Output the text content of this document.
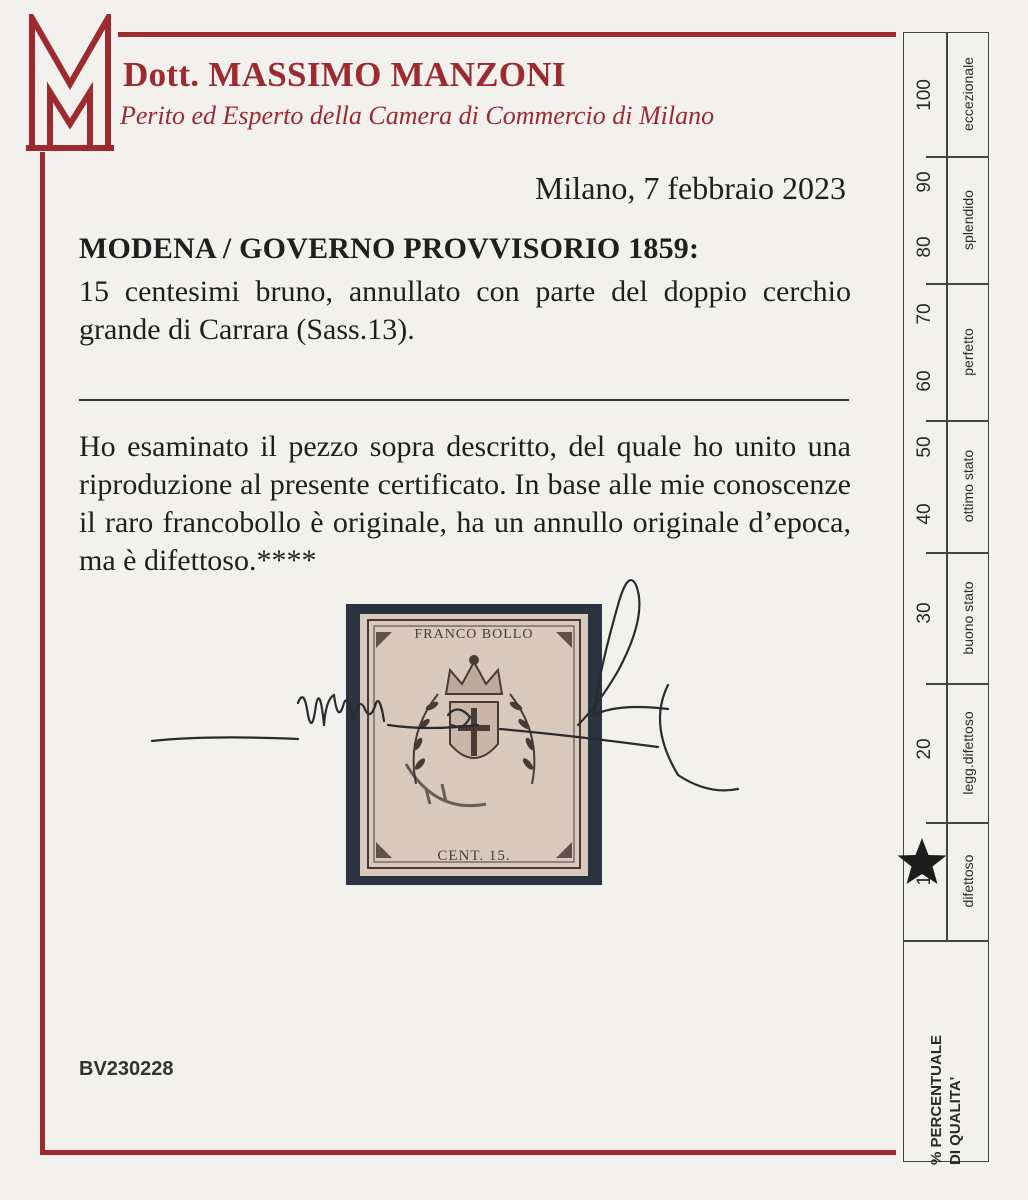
Dott. MASSIMO MANZONI
Perito ed Esperto della Camera di Commercio di Milano
Milano, 7 febbraio 2023
MODENA / GOVERNO PROVVISORIO 1859:
15 centesimi bruno, annullato con parte del doppio cerchio grande di Carrara (Sass.13).
Ho esaminato il pezzo sopra descritto, del quale ho unito una riproduzione al presente certificato. In base alle mie conoscenze il raro francobollo è originale, ha un annullo originale d’epoca, ma è difettoso.****
FRANCO BOLLO
CENT. 15.
BV230228
100
90
80
70
60
50
40
30
20
eccezionale
splendido
perfetto
ottimo stato
buono stato
legg.difettoso
difettoso
% PERCENTUALE DI QUALITA'
